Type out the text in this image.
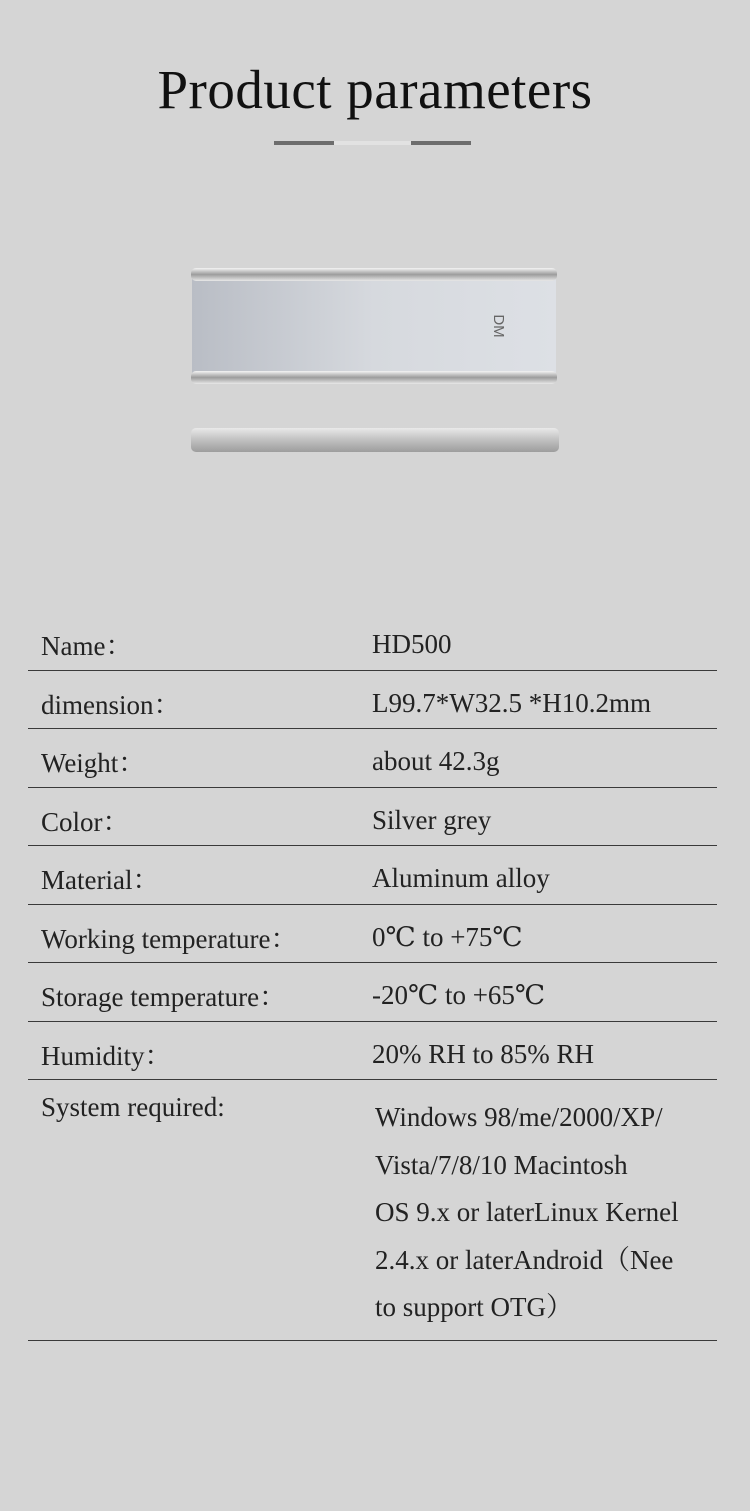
Product parameters
DM
Name：	HD500
dimension：	L99.7*W32.5 *H10.2mm
Weight：	about 42.3g
Color：	Silver grey
Material：	Aluminum alloy
Working temperature：	0℃ to +75℃
Storage temperature：	-20℃ to +65℃
Humidity：	20% RH to 85% RH
System required:	Windows 98/me/2000/XP/
Vista/7/8/10 Macintosh
OS 9.x or laterLinux Kernel
2.4.x or laterAndroid（Nee
to support OTG）
